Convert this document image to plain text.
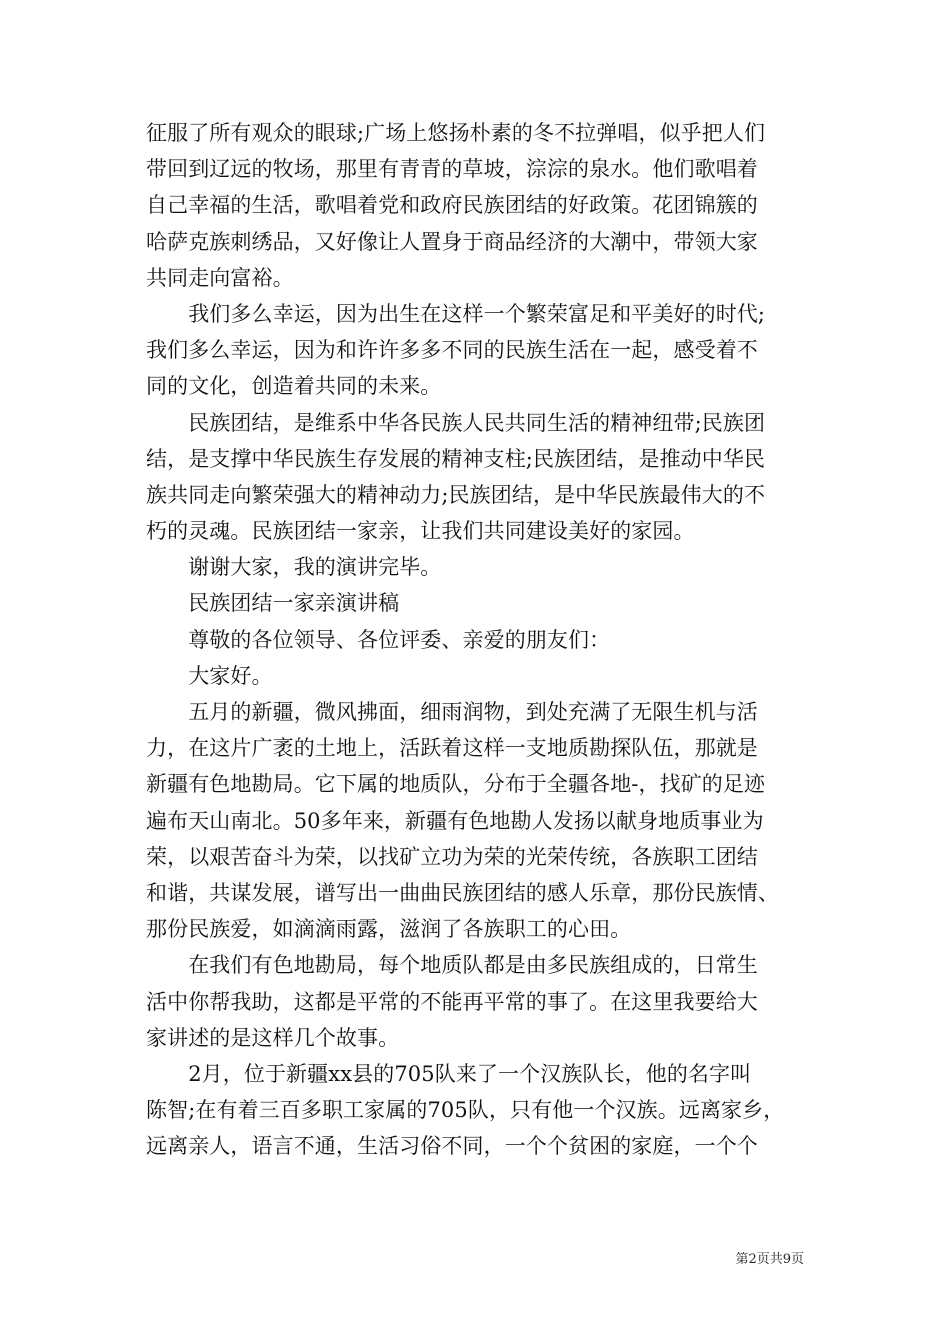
征服了所有观众的眼球;广场上悠扬朴素的冬不拉弹唱，似乎把人们
带回到辽远的牧场，那里有青青的草坡，淙淙的泉水。他们歌唱着
自己幸福的生活，歌唱着党和政府民族团结的好政策。花团锦簇的
哈萨克族刺绣品，又好像让人置身于商品经济的大潮中，带领大家
共同走向富裕。
　　我们多么幸运，因为出生在这样一个繁荣富足和平美好的时代;
我们多么幸运，因为和许许多多不同的民族生活在一起，感受着不
同的文化，创造着共同的未来。
　　民族团结，是维系中华各民族人民共同生活的精神纽带;民族团
结，是支撑中华民族生存发展的精神支柱;民族团结，是推动中华民
族共同走向繁荣强大的精神动力;民族团结，是中华民族最伟大的不
朽的灵魂。民族团结一家亲，让我们共同建设美好的家园。
　　谢谢大家，我的演讲完毕。
　　民族团结一家亲演讲稿
　　尊敬的各位领导、各位评委、亲爱的朋友们：
　　大家好。
　　五月的新疆，微风拂面，细雨润物，到处充满了无限生机与活
力，在这片广袤的土地上，活跃着这样一支地质勘探队伍，那就是
新疆有色地勘局。它下属的地质队，分布于全疆各地-，找矿的足迹
遍布天山南北。50多年来，新疆有色地勘人发扬以献身地质事业为
荣，以艰苦奋斗为荣，以找矿立功为荣的光荣传统，各族职工团结
和谐，共谋发展，谱写出一曲曲民族团结的感人乐章，那份民族情、
那份民族爱，如滴滴雨露，滋润了各族职工的心田。
　　在我们有色地勘局，每个地质队都是由多民族组成的，日常生
活中你帮我助，这都是平常的不能再平常的事了。在这里我要给大
家讲述的是这样几个故事。
　　2月，位于新疆xx县的705队来了一个汉族队长，他的名字叫
陈智;在有着三百多职工家属的705队，只有他一个汉族。远离家乡，
远离亲人，语言不通，生活习俗不同，一个个贫困的家庭，一个个
第2页共9页
